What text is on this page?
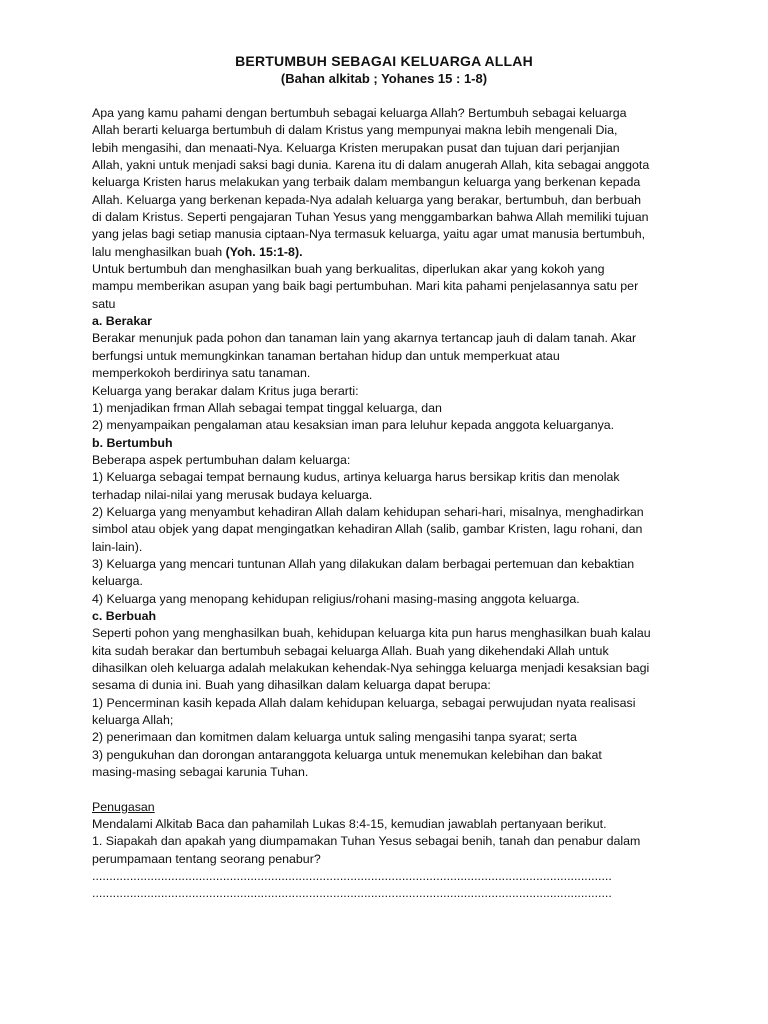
BERTUMBUH SEBAGAI KELUARGA ALLAH
(Bahan alkitab ; Yohanes 15 : 1-8)
Apa yang kamu pahami dengan bertumbuh sebagai keluarga Allah? Bertumbuh sebagai keluarga
Allah berarti keluarga bertumbuh di dalam Kristus yang mempunyai makna lebih mengenali Dia,
lebih mengasihi, dan menaati-Nya. Keluarga Kristen merupakan pusat dan tujuan dari perjanjian
Allah, yakni untuk menjadi saksi bagi dunia. Karena itu di dalam anugerah Allah, kita sebagai anggota
keluarga Kristen harus melakukan yang terbaik dalam membangun keluarga yang berkenan kepada
Allah. Keluarga yang berkenan kepada-Nya adalah keluarga yang berakar, bertumbuh, dan berbuah
di dalam Kristus. Seperti pengajaran Tuhan Yesus yang menggambarkan bahwa Allah memiliki tujuan
yang jelas bagi setiap manusia ciptaan-Nya termasuk keluarga, yaitu agar umat manusia bertumbuh,
lalu menghasilkan buah (Yoh. 15:1-8).
Untuk bertumbuh dan menghasilkan buah yang berkualitas, diperlukan akar yang kokoh yang
mampu memberikan asupan yang baik bagi pertumbuhan. Mari kita pahami penjelasannya satu per
satu
a. Berakar
Berakar menunjuk pada pohon dan tanaman lain yang akarnya tertancap jauh di dalam tanah. Akar
berfungsi untuk memungkinkan tanaman bertahan hidup dan untuk memperkuat atau
memperkokoh berdirinya satu tanaman.
Keluarga yang berakar dalam Kritus juga berarti:
1) menjadikan frman Allah sebagai tempat tinggal keluarga, dan
2) menyampaikan pengalaman atau kesaksian iman para leluhur kepada anggota keluarganya.
b. Bertumbuh
Beberapa aspek pertumbuhan dalam keluarga:
1) Keluarga sebagai tempat bernaung kudus, artinya keluarga harus bersikap kritis dan menolak
terhadap nilai-nilai yang merusak budaya keluarga.
2) Keluarga yang menyambut kehadiran Allah dalam kehidupan sehari-hari, misalnya, menghadirkan
simbol atau objek yang dapat mengingatkan kehadiran Allah (salib, gambar Kristen, lagu rohani, dan
lain-lain).
3) Keluarga yang mencari tuntunan Allah yang dilakukan dalam berbagai pertemuan dan kebaktian
keluarga.
4) Keluarga yang menopang kehidupan religius/rohani masing-masing anggota keluarga.
c. Berbuah
Seperti pohon yang menghasilkan buah, kehidupan keluarga kita pun harus menghasilkan buah kalau
kita sudah berakar dan bertumbuh sebagai keluarga Allah. Buah yang dikehendaki Allah untuk
dihasilkan oleh keluarga adalah melakukan kehendak-Nya sehingga keluarga menjadi kesaksian bagi
sesama di dunia ini. Buah yang dihasilkan dalam keluarga dapat berupa:
1) Pencerminan kasih kepada Allah dalam kehidupan keluarga, sebagai perwujudan nyata realisasi
keluarga Allah;
2) penerimaan dan komitmen dalam keluarga untuk saling mengasihi tanpa syarat; serta
3) pengukuhan dan dorongan antaranggota keluarga untuk menemukan kelebihan dan bakat
masing-masing sebagai karunia Tuhan.
Penugasan
Mendalami Alkitab Baca dan pahamilah Lukas 8:4-15, kemudian jawablah pertanyaan berikut.
1. Siapakah dan apakah yang diumpamakan Tuhan Yesus sebagai benih, tanah dan penabur dalam
perumpamaan tentang seorang penabur?
.......................................................................................................................................................
.......................................................................................................................................................
